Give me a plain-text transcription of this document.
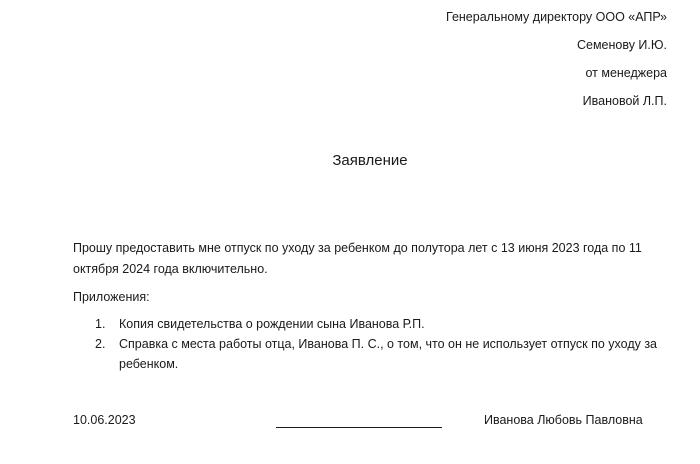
Генеральному директору ООО «АПР»
Семенову И.Ю.
от менеджера
Ивановой Л.П.
Заявление
Прошу предоставить мне отпуск по уходу за ребенком до полутора лет с 13 июня 2023 года по 11 октября 2024 года включительно.
Приложения:
1. Копия свидетельства о рождении сына Иванова Р.П.
2. Справка с места работы отца, Иванова П. С., о том, что он не использует отпуск по уходу за ребенком.
10.06.2023	Иванова Любовь Павловна
